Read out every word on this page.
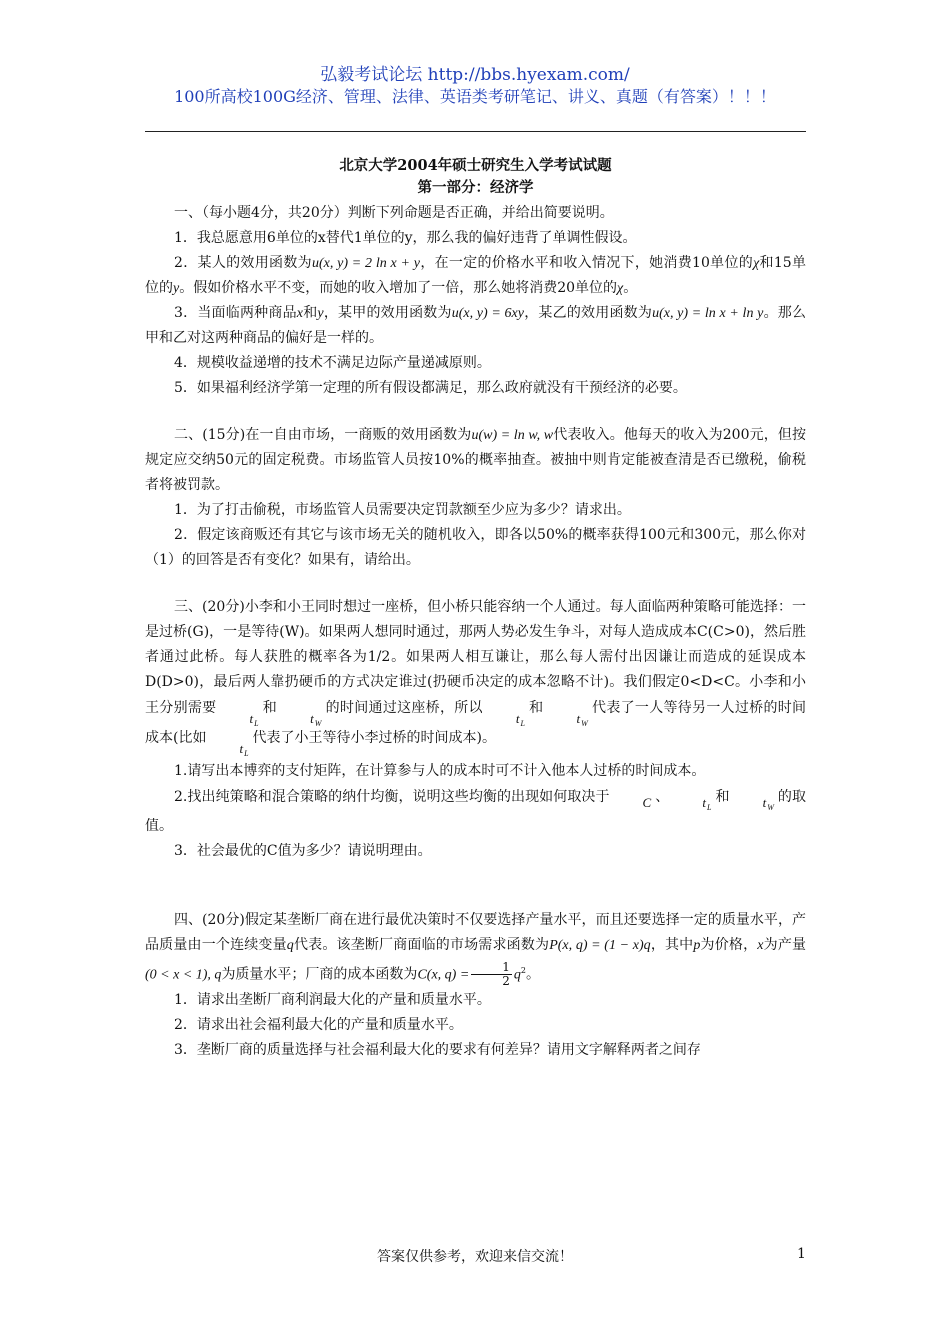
弘毅考试论坛 http://bbs.hyexam.com/
100所高校100G经济、管理、法律、英语类考研笔记、讲义、真题（有答案）！！！
北京大学2004年硕士研究生入学考试试题
第一部分：经济学

一、（每小题4分，共20分）判断下列命题是否正确，并给出简要说明。

1．我总愿意用6单位的x替代1单位的y，那么我的偏好违背了单调性假设。

2．某人的效用函数为u(x, y) = 2 ln x + y，在一定的价格水平和收入情况下，她消费10单位的χ和15单位的y。假如价格水平不变，而她的收入增加了一倍，那么她将消费20单位的χ。

3．当面临两种商品x和y，某甲的效用函数为u(x, y) = 6xy，某乙的效用函数为u(x, y) = ln x + ln y。那么甲和乙对这两种商品的偏好是一样的。

4．规模收益递增的技术不满足边际产量递减原则。

5．如果福利经济学第一定理的所有假设都满足，那么政府就没有干预经济的必要。

二、(15分)在一自由市场，一商贩的效用函数为u(w) = ln w, w代表收入。他每天的收入为200元，但按规定应交纳50元的固定税费。市场监管人员按10%的概率抽查。被抽中则肯定能被查清是否已缴税，偷税者将被罚款。

1．为了打击偷税，市场监管人员需要决定罚款额至少应为多少？请求出。

2．假定该商贩还有其它与该市场无关的随机收入，即各以50%的概率获得100元和300元，那么你对（1）的回答是否有变化？如果有，请给出。

三、(20分)小李和小王同时想过一座桥，但小桥只能容纳一个人通过。每人面临两种策略可能选择：一是过桥(G)，一是等待(W)。如果两人想同时通过，那两人势必发生争斗，对每人造成成本C(C>0)，然后胜者通过此桥。每人获胜的概率各为1/2。如果两人相互谦让，那么每人需付出因谦让而造成的延误成本D(D>0)，最后两人靠扔硬币的方式决定谁过(扔硬币决定的成本忽略不计)。我们假定0<D<C。小李和小王分别需要$t_L$和$t_W$的时间通过这座桥，所以$t_L$和$t_W$代表了一人等待另一人过桥的时间成本(比如$t_L$代表了小王等待小李过桥的时间成本)。

1.请写出本博弈的支付矩阵，在计算参与人的成本时可不计入他本人过桥的时间成本。

2.找出纯策略和混合策略的纳什均衡，说明这些均衡的出现如何取决于	C 、	$t_L$和	$t_W$的取值。

3．社会最优的C值为多少？请说明理由。

四、(20分)假定某垄断厂商在进行最优决策时不仅要选择产量水平，而且还要选择一定的质量水平，产品质量由一个连续变量q代表。该垄断厂商面临的市场需求函数为P(x, q) = (1 − x)q，其中p为价格，x为产量(0 < x < 1), q为质量水平；厂商的成本函数为C(x, $q) = \frac{1}{2} q^2$。

1．请求出垄断厂商利润最大化的产量和质量水平。

2．请求出社会福利最大化的产量和质量水平。

3．垄断厂商的质量选择与社会福利最大化的要求有何差异？请用文字解释两者之间存

答案仅供参考，欢迎来信交流！	1
